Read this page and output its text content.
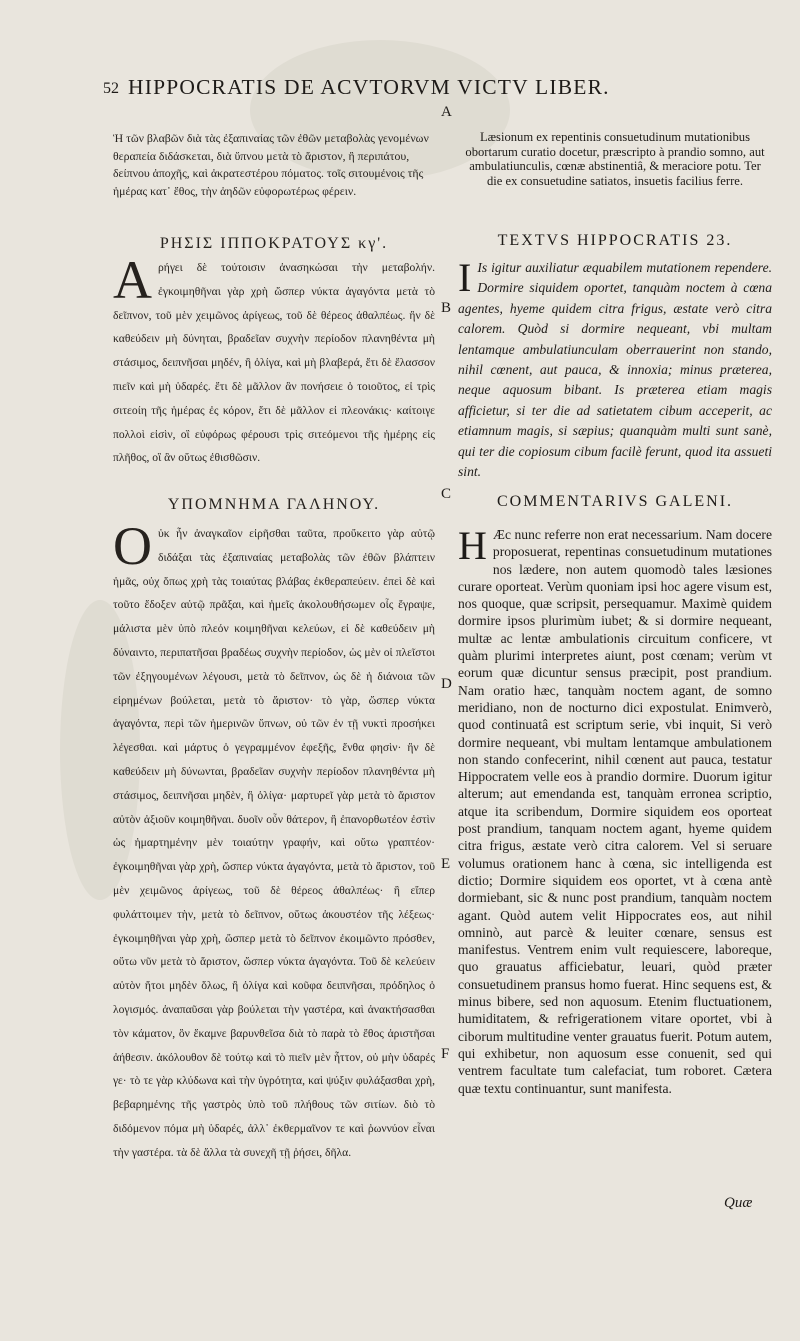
52 HIPPOCRATIS DE ACVTORVM VICTV LIBER.
A
B
C
D
E
F
Ἡ τῶν βλαβῶν διὰ τὰς ἐξαπιναίας τῶν ἐθῶν μεταβολὰς γενομένων θεραπεία διδάσκεται, διὰ ὕπνου μετὰ τὸ ἄριστον, ἢ περιπάτου, δείπνου ἀποχῆς, καὶ ἀκρατεστέρου πόματος. τοῖς σιτουμένοις τῆς ἡμέρας κατ᾽ ἔθος, τὴν ἀηδῶν εὐφορωτέρως φέρειν.
Læsionum ex repentinis consuetudinum mutationibus obortarum curatio docetur, præscripto à prandio somno, aut ambulatiunculis, cœnæ abstinentiâ, & meraciore potu. Ter die ex consuetudine satiatos, insuetis facilius ferre.
ΡΗΣΙΣ ΙΠΠΟΚΡΑΤΟΥΣ κγ'.	TEXTVS HIPPOCRATIS 23.
Αρήγει δὲ τούτοισιν ἀνασηκώσαι τὴν μεταβολήν. ἐγκοιμηθῆναι γὰρ χρὴ ὥσπερ νύκτα ἀγαγόντα μετὰ τὸ δεῖπνον, τοῦ μὲν χειμῶνος ἀρίγεως, τοῦ δὲ θέρεος ἀθαλπέως. ἢν δὲ καθεύδειν μὴ δύνηται, βραδεῖαν συχνὴν περίοδον πλανηθέντα μὴ στάσιμος, δειπνῆσαι μηδέν, ἢ ὀλίγα, καὶ μὴ βλαβερά, ἔτι δὲ ἔλασσον πιεῖν καὶ μὴ ὑδαρές. ἔτι δὲ μᾶλλον ἂν πονήσειε ὁ τοιοῦτος, εἰ τρὶς σιτεοίη τῆς ἡμέρας ἐς κόρον, ἔτι δὲ μᾶλλον εἰ πλεονάκις· καίτοιγε πολλοὶ εἰσὶν, οἳ εὐφόρως φέρουσι τρὶς σιτεόμενοι τῆς ἡμέρης εἰς πλῆθος, οἳ ἂν οὕτως ἐθισθῶσιν.
I Is igitur auxiliatur æquabilem mutationem rependere. Dormire siquidem oportet, tanquàm noctem à cœna agentes, hyeme quidem citra frigus, æstate verò citra calorem. Quòd si dormire nequeant, vbi multam lentamque ambulatiunculam oberrauerint non stando, nihil cœnent, aut pauca, & innoxia; minus præterea, neque aquosum bibant. Is præterea etiam magis afficietur, si ter die ad satietatem cibum acceperit, ac etiamnum magis, si sæpius; quanquàm multi sunt sanè, qui ter die copiosum cibum facilè ferunt, quod ita assueti sint.
ΥΠΟΜΝΗΜΑ ΓΑΛΗΝΟΥ.	COMMENTARIVS GALENI.
Οὐκ ἦν ἀναγκαῖον εἰρῆσθαι ταῦτα, προὔκειτο γὰρ αὐτῷ διδάξαι τὰς ἐξαπιναίας μεταβολὰς τῶν ἐθῶν βλάπτειν ἡμᾶς, οὐχ ὅπως χρὴ τὰς τοιαύτας βλάβας ἐκθεραπεύειν. ἐπεὶ δὲ καὶ τοῦτο ἔδοξεν αὐτῷ πρᾶξαι, καὶ ἡμεῖς ἀκολουθήσωμεν οἷς ἔγραψε, μάλιστα μὲν ὑπὸ πλεόν κοιμηθῆναι κελεύων, εἰ δὲ καθεύδειν μὴ δύναιντο, περιπατῆσαι βραδέως συχνὴν περίοδον, ὡς μὲν οἱ πλεῖστοι τῶν ἐξηγουμένων λέγουσι, μετὰ τὸ δεῖπνον, ὡς δὲ ἡ διάνοια τῶν εἰρημένων βούλεται, μετὰ τὸ ἄριστον· τὸ γὰρ, ὥσπερ νύκτα ἀγαγόντα, περὶ τῶν ἡμερινῶν ὕπνων, οὐ τῶν ἐν τῇ νυκτὶ προσήκει λέγεσθαι. καὶ μάρτυς ὁ γεγραμμένον ἐφεξῆς, ἔνθα φησὶν· ἢν δὲ καθεύδειν μὴ δύνωνται, βραδεῖαν συχνὴν περίοδον πλανηθέντα μὴ στάσιμος, δειπνῆσαι μηδὲν, ἢ ὀλίγα· μαρτυρεῖ γὰρ μετὰ τὸ ἄριστον αὐτὸν ἀξιοῦν κοιμηθῆναι. δυοῖν οὖν θάτερον, ἢ ἐπανορθωτέον ἐστὶν ὡς ἡμαρτημένην μὲν τοιαύτην γραφήν, καὶ οὕτω γραπτέον· ἐγκοιμηθῆναι γὰρ χρὴ, ὥσπερ νύκτα ἀγαγόντα, μετὰ τὸ ἄριστον, τοῦ μὲν χειμῶνος ἀρίγεως, τοῦ δὲ θέρεος ἀθαλπέως· ἢ εἴπερ φυλάττοιμεν τὴν, μετὰ τὸ δεῖπνον, οὕτως ἀκουστέον τῆς λέξεως· ἐγκοιμηθῆναι γὰρ χρὴ, ὥσπερ μετὰ τὸ δεῖπνον ἐκοιμῶντο πρόσθεν, οὕτω νῦν μετὰ τὸ ἄριστον, ὥσπερ νύκτα ἀγαγόντα. Τοῦ δὲ κελεύειν αὐτὸν ἤτοι μηδὲν ὅλως, ἢ ὀλίγα καὶ κοῦφα δειπνῆσαι, πρόδηλος ὁ λογισμός. ἀναπαῦσαι γὰρ βούλεται τὴν γαστέρα, καὶ ἀνακτήσασθαι τὸν κάματον, ὃν ἔκαμνε βαρυνθεῖσα διὰ τὸ παρὰ τὸ ἔθος ἀριστῆσαι ἀήθεσιν. ἀκόλουθον δὲ τούτῳ καὶ τὸ πιεῖν μὲν ἧττον, οὐ μὴν ὑδαρές γε· τὸ τε γὰρ κλύδωνα καὶ τὴν ὑγρότητα, καὶ ψύξιν φυλάξασθαι χρὴ, βεβαρημένης τῆς γαστρὸς ὑπὸ τοῦ πλήθους τῶν σιτίων. διὸ τὸ διδόμενον πόμα μὴ ὑδαρές, ἀλλ᾽ ἐκθερμαῖνον τε καὶ ῥωννύον εἶναι τὴν γαστέρα. τὰ δὲ ἄλλα τὰ συνεχῆ τῇ ῥήσει, δῆλα.
H Æc nunc referre non erat necessarium. Nam docere proposuerat, repentinas consuetudinum mutationes nos lædere, non autem quomodò tales læsiones curare oporteat. Verùm quoniam ipsi hoc agere visum est, nos quoque, quæ scripsit, persequamur. Maximè quidem dormire ipsos plurimùm iubet; & si dormire nequeant, multæ ac lentæ ambulationis circuitum conficere, vt quàm plurimi interpretes aiunt, post cœnam; verùm vt eorum quæ dicuntur sensus præcipit, post prandium. Nam oratio hæc, tanquàm noctem agant, de somno meridiano, non de nocturno dici expostulat. Enimverò, quod continuatâ est scriptum serie, vbi inquit, Si verò dormire nequeant, vbi multam lentamque ambulationem non stando confecerint, nihil cœnent aut pauca, testatur Hippocratem velle eos à prandio dormire. Duorum igitur alterum; aut emendanda est, tanquàm erronea scriptio, atque ita scribendum, Dormire siquidem eos oporteat post prandium, tanquam noctem agant, hyeme quidem citra frigus, æstate verò citra calorem. Vel si seruare volumus orationem hanc à cœna, sic intelligenda est dictio; Dormire siquidem eos oportet, vt à cœna antè dormiebant, sic & nunc post prandium, tanquàm noctem agant. Quòd autem velit Hippocrates eos, aut nihil omninò, aut parcè & leuiter cœnare, sensus est manifestus. Ventrem enim vult requiescere, laboreque, quo grauatus afficiebatur, leuari, quòd præter consuetudinem pransus homo fuerat. Hinc sequens est, & minus bibere, sed non aquosum. Etenim fluctuationem, humiditatem, & refrigerationem vitare oportet, vbi à ciborum multitudine venter grauatus fuerit. Potum autem, qui exhibetur, non aquosum esse conuenit, sed qui ventrem facultate tum calefaciat, tum roboret. Cætera quæ textu continuantur, sunt manifesta.
Quæ
